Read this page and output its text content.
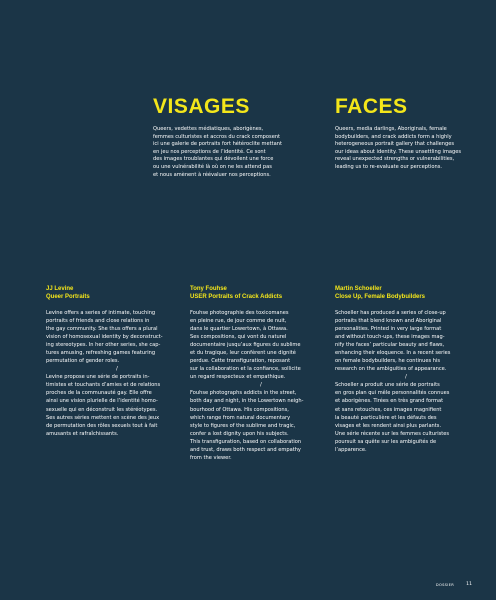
VISAGES

Queers, vedettes médiatiques, aborigènes,
femmes culturistes et accros du crack composent
ici une galerie de portraits fort hétéroclite mettant
en jeu nos perceptions de l’identité. Ce sont
des images troublantes qui dévoilent une force
ou une vulnérabilité là où on ne les attend pas
et nous amènent à réévaluer nos perceptions.

FACES

Queers, media darlings, Aboriginals, female
bodybuilders, and crack addicts form a highly
heterogeneous portrait gallery that challenges
our ideas about identity. These unsettling images
reveal unexpected strengths or vulnerabilities,
leading us to re-evaluate our perceptions.

JJ Levine

Queer Portraits

Levine offers a series of intimate, touching
portraits of friends and close relations in
the gay community. She thus offers a plural
vision of homosexual identity by deconstruct-
ing stereotypes. In her other series, she cap-
tures amusing, refreshing games featuring
permutation of gender roles.

/

Levine propose une série de portraits in-
timistes et touchants d’amies et de relations
proches de la communauté gay. Elle offre
ainsi une vision plurielle de l’identité homo-
sexuelle qui en déconstruit les stéréotypes.
Ses autres séries mettent en scène des jeux
de permutation des rôles sexuels tout à fait
amusants et rafraîchissants.

Tony Fouhse

USER Portraits of Crack Addicts

Fouhse photographie des toxicomanes
en pleine rue, de jour comme de nuit,
dans le quartier Lowertown, à Ottawa.
Ses compositions, qui vont du naturel
documentaire jusqu’aux figures du sublime
et du tragique, leur confèrent une dignité
perdue. Cette transfiguration, reposant
sur la collaboration et la confiance, sollicite
un regard respecteux et empathique.

/

Fouhse photographs addicts in the street,
both day and night, in the Lowertown neigh-
bourhood of Ottawa. His compositions,
which range from natural documentary
style to figures of the sublime and tragic,
confer a lost dignity upon his subjects.
This transfiguration, based on collaboration
and trust, draws both respect and empathy
from the viewer.

Martin Schoeller

Close Up, Female Bodybuilders

Schoeller has produced a series of close-up
portraits that blend known and Aboriginal
personalities. Printed in very large format
and without touch-ups, these images mag-
nify the faces’ particular beauty and flaws,
enhancing their eloquence. In a recent series
on female bodybuilders, he continues his
research on the ambiguities of appearance.

/

Schoeller a produit une série de portraits
en gros plan qui mêle personnalités connues
et aborigènes. Tirées en très grand format
et sans retouches, ces images magnifient
la beauté particulière et les défauts des
visages et les rendent ainsi plus parlants.
Une série récente sur les femmes culturistes
poursuit sa quête sur les ambiguïtés de
l’apparence.

DOSSIER	11
